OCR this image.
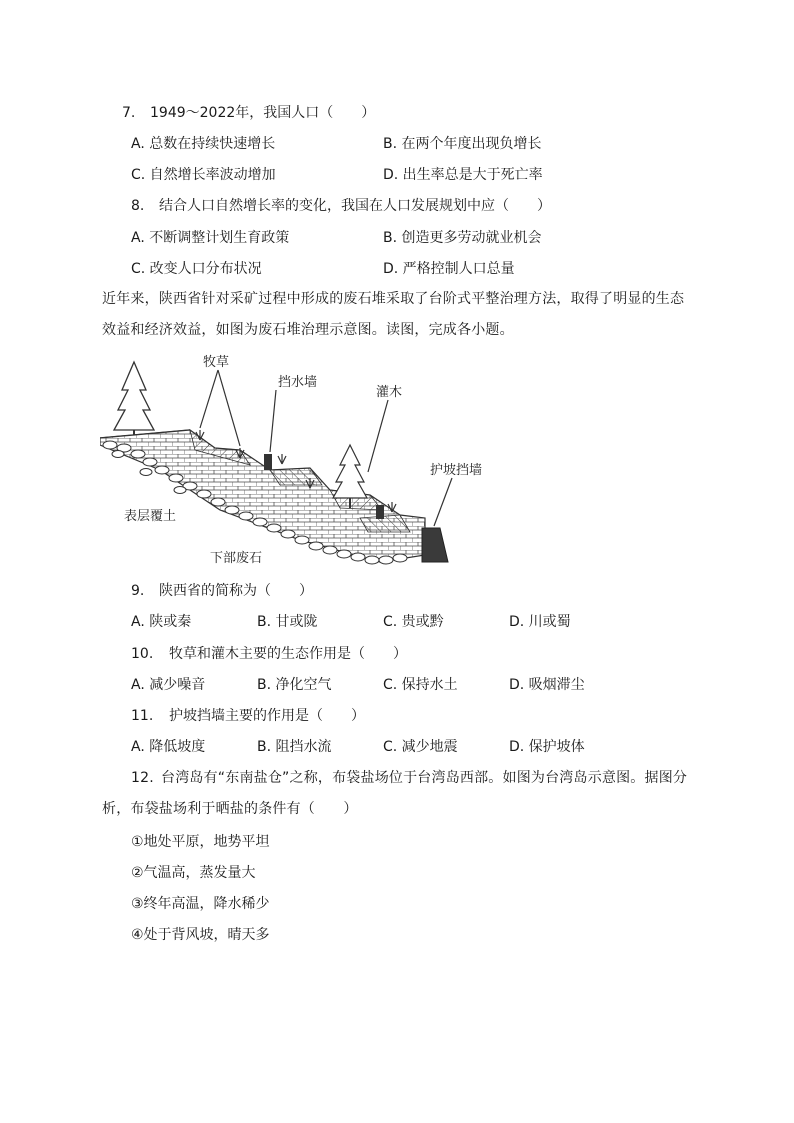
7. 1949～2022年，我国人口（　　）
A. 总数在持续快速增长	B. 在两个年度出现负增长
C. 自然增长率波动增加	D. 出生率总是大于死亡率
8. 结合人口自然增长率的变化，我国在人口发展规划中应（　　）
A. 不断调整计划生育政策	B. 创造更多劳动就业机会
C. 改变人口分布状况	D. 严格控制人口总量
近年来，陕西省针对采矿过程中形成的废石堆采取了台阶式平整治理方法，取得了明显的生态效益和经济效益，如图为废石堆治理示意图。读图，完成各小题。
牧草
挡水墙
灌木
护坡挡墙
表层覆土
下部废石
9. 陕西省的简称为（　　）
A. 陕或秦	B. 甘或陇	C. 贵或黔	D. 川或蜀
10. 牧草和灌木主要的生态作用是（　　）
A. 减少噪音	B. 净化空气	C. 保持水土	D. 吸烟滞尘
11. 护坡挡墙主要的作用是（　　）
A. 降低坡度	B. 阻挡水流	C. 减少地震	D. 保护坡体
12. 台湾岛有“东南盐仓”之称，布袋盐场位于台湾岛西部。如图为台湾岛示意图。据图分析，布袋盐场利于晒盐的条件有（　　）
①地处平原，地势平坦
②气温高，蒸发量大
③终年高温，降水稀少
④处于背风坡，晴天多
